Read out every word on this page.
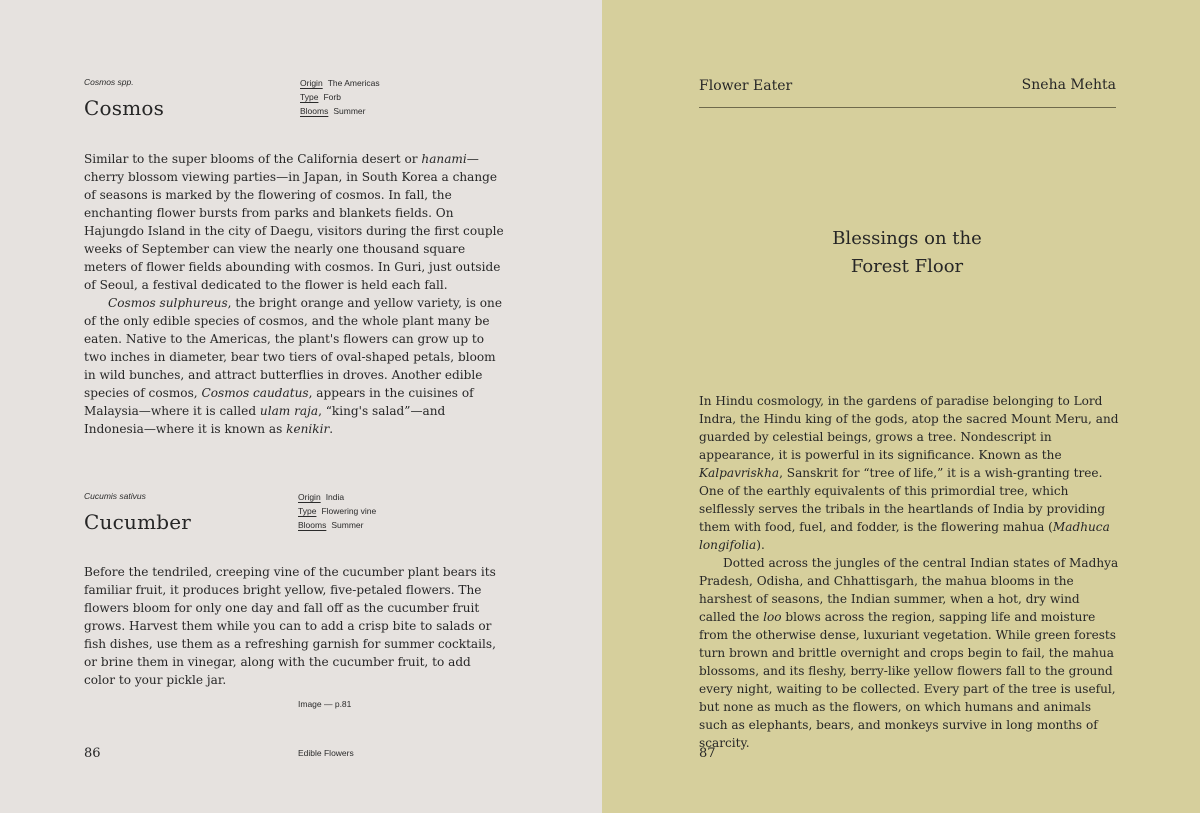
Cosmos spp.
Cosmos
Origin The Americas
Type Forb
Blooms Summer

Similar to the super blooms of the California desert or hanami—cherry blossom viewing parties—in Japan, in South Korea a change of seasons is marked by the flowering of cosmos. In fall, the enchanting flower bursts from parks and blankets fields. On Hajungdo Island in the city of Daegu, visitors during the first couple weeks of September can view the nearly one thousand square meters of flower fields abounding with cosmos. In Guri, just outside of Seoul, a festival dedicated to the flower is held each fall.

Cosmos sulphureus, the bright orange and yellow variety, is one of the only edible species of cosmos, and the whole plant many be eaten. Native to the Americas, the plant's flowers can grow up to two inches in diameter, bear two tiers of oval-shaped petals, bloom in wild bunches, and attract butterflies in droves. Another edible species of cosmos, Cosmos caudatus, appears in the cuisines of Malaysia—where it is called ulam raja, “king's salad”—and Indonesia—where it is known as kenikir.

Cucumis sativus
Cucumber
Origin India
Type Flowering vine
Blooms Summer

Before the tendriled, creeping vine of the cucumber plant bears its familiar fruit, it produces bright yellow, five-petaled flowers. The flowers bloom for only one day and fall off as the cucumber fruit grows. Harvest them while you can to add a crisp bite to salads or fish dishes, use them as a refreshing garnish for summer cocktails, or brine them in vinegar, along with the cucumber fruit, to add color to your pickle jar.

Image — p.81
86	Edible Flowers
Flower Eater	Sneha Mehta
Blessings on the
Forest Floor

In Hindu cosmology, in the gardens of paradise belonging to Lord Indra, the Hindu king of the gods, atop the sacred Mount Meru, and guarded by celestial beings, grows a tree. Nondescript in appearance, it is powerful in its significance. Known as the Kalpavriskha, Sanskrit for “tree of life,” it is a wish-granting tree. One of the earthly equivalents of this primordial tree, which selflessly serves the tribals in the heartlands of India by providing them with food, fuel, and fodder, is the flowering mahua (Madhuca longifolia).

Dotted across the jungles of the central Indian states of Madhya Pradesh, Odisha, and Chhattisgarh, the mahua blooms in the harshest of seasons, the Indian summer, when a hot, dry wind called the loo blows across the region, sapping life and moisture from the otherwise dense, luxuriant vegetation. While green forests turn brown and brittle overnight and crops begin to fail, the mahua blossoms, and its fleshy, berry-like yellow flowers fall to the ground every night, waiting to be collected. Every part of the tree is useful, but none as much as the flowers, on which humans and animals such as elephants, bears, and monkeys survive in long months of scarcity.

87
